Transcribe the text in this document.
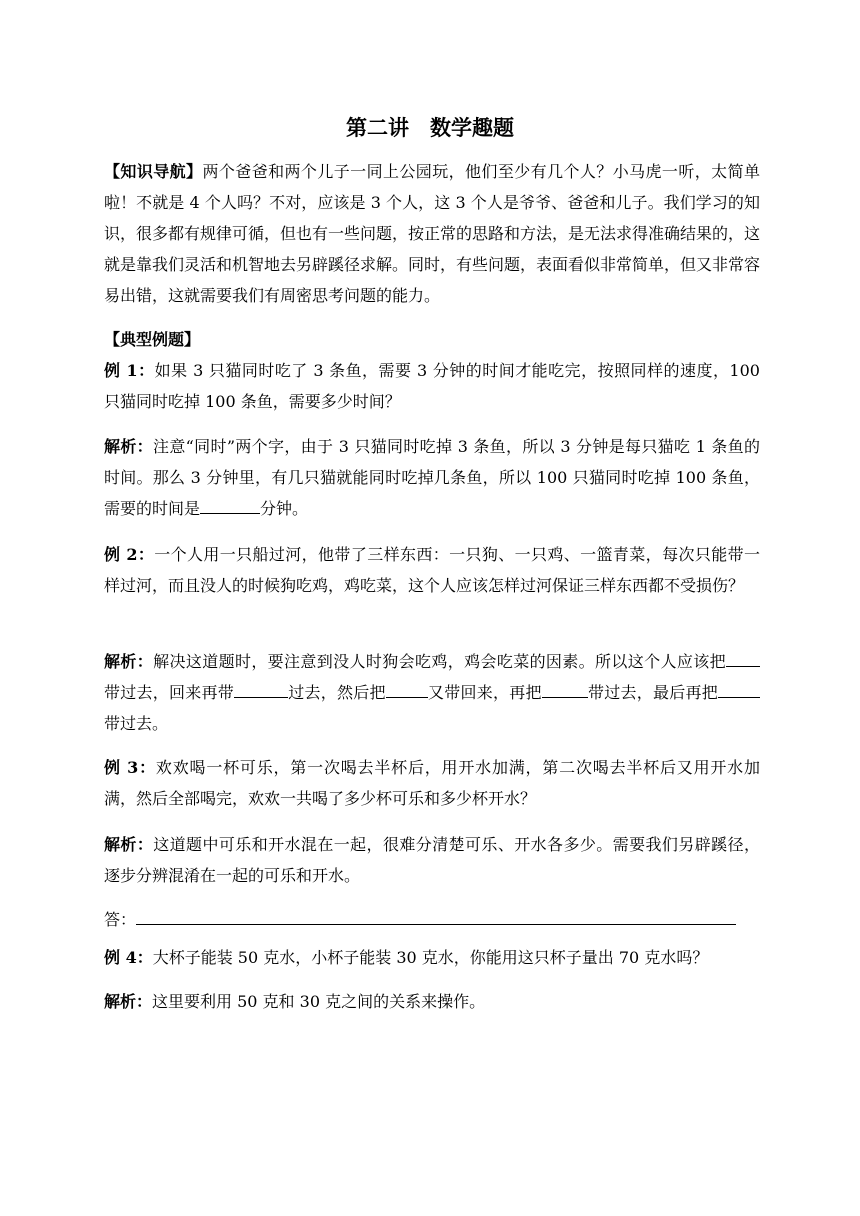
第二讲　数学趣题

【知识导航】两个爸爸和两个儿子一同上公园玩，他们至少有几个人？小马虎一听，太简单啦！不就是 4 个人吗？不对，应该是 3 个人，这 3 个人是爷爷、爸爸和儿子。我们学习的知识，很多都有规律可循，但也有一些问题，按正常的思路和方法，是无法求得准确结果的，这就是靠我们灵活和机智地去另辟蹊径求解。同时，有些问题，表面看似非常简单，但又非常容易出错，这就需要我们有周密思考问题的能力。

【典型例题】

例 1：如果 3 只猫同时吃了 3 条鱼，需要 3 分钟的时间才能吃完，按照同样的速度，100 只猫同时吃掉 100 条鱼，需要多少时间？

解析：注意“同时”两个字，由于 3 只猫同时吃掉 3 条鱼，所以 3 分钟是每只猫吃 1 条鱼的时间。那么 3 分钟里，有几只猫就能同时吃掉几条鱼，所以 100 只猫同时吃掉 100 条鱼，需要的时间是	分钟。

例 2：一个人用一只船过河，他带了三样东西：一只狗、一只鸡、一篮青菜，每次只能带一样过河，而且没人的时候狗吃鸡，鸡吃菜，这个人应该怎样过河保证三样东西都不受损伤？

解析：解决这道题时，要注意到没人时狗会吃鸡，鸡会吃菜的因素。所以这个人应该把带过去，回来再带	过去，然后把	又带回来，再把	带过去，最后再把带过去。

例 3：欢欢喝一杯可乐，第一次喝去半杯后，用开水加满，第二次喝去半杯后又用开水加满，然后全部喝完，欢欢一共喝了多少杯可乐和多少杯开水？

解析：这道题中可乐和开水混在一起，很难分清楚可乐、开水各多少。需要我们另辟蹊径，逐步分辨混淆在一起的可乐和开水。

答：

例 4：大杯子能装 50 克水，小杯子能装 30 克水，你能用这只杯子量出 70 克水吗？

解析：这里要利用 50 克和 30 克之间的关系来操作。
